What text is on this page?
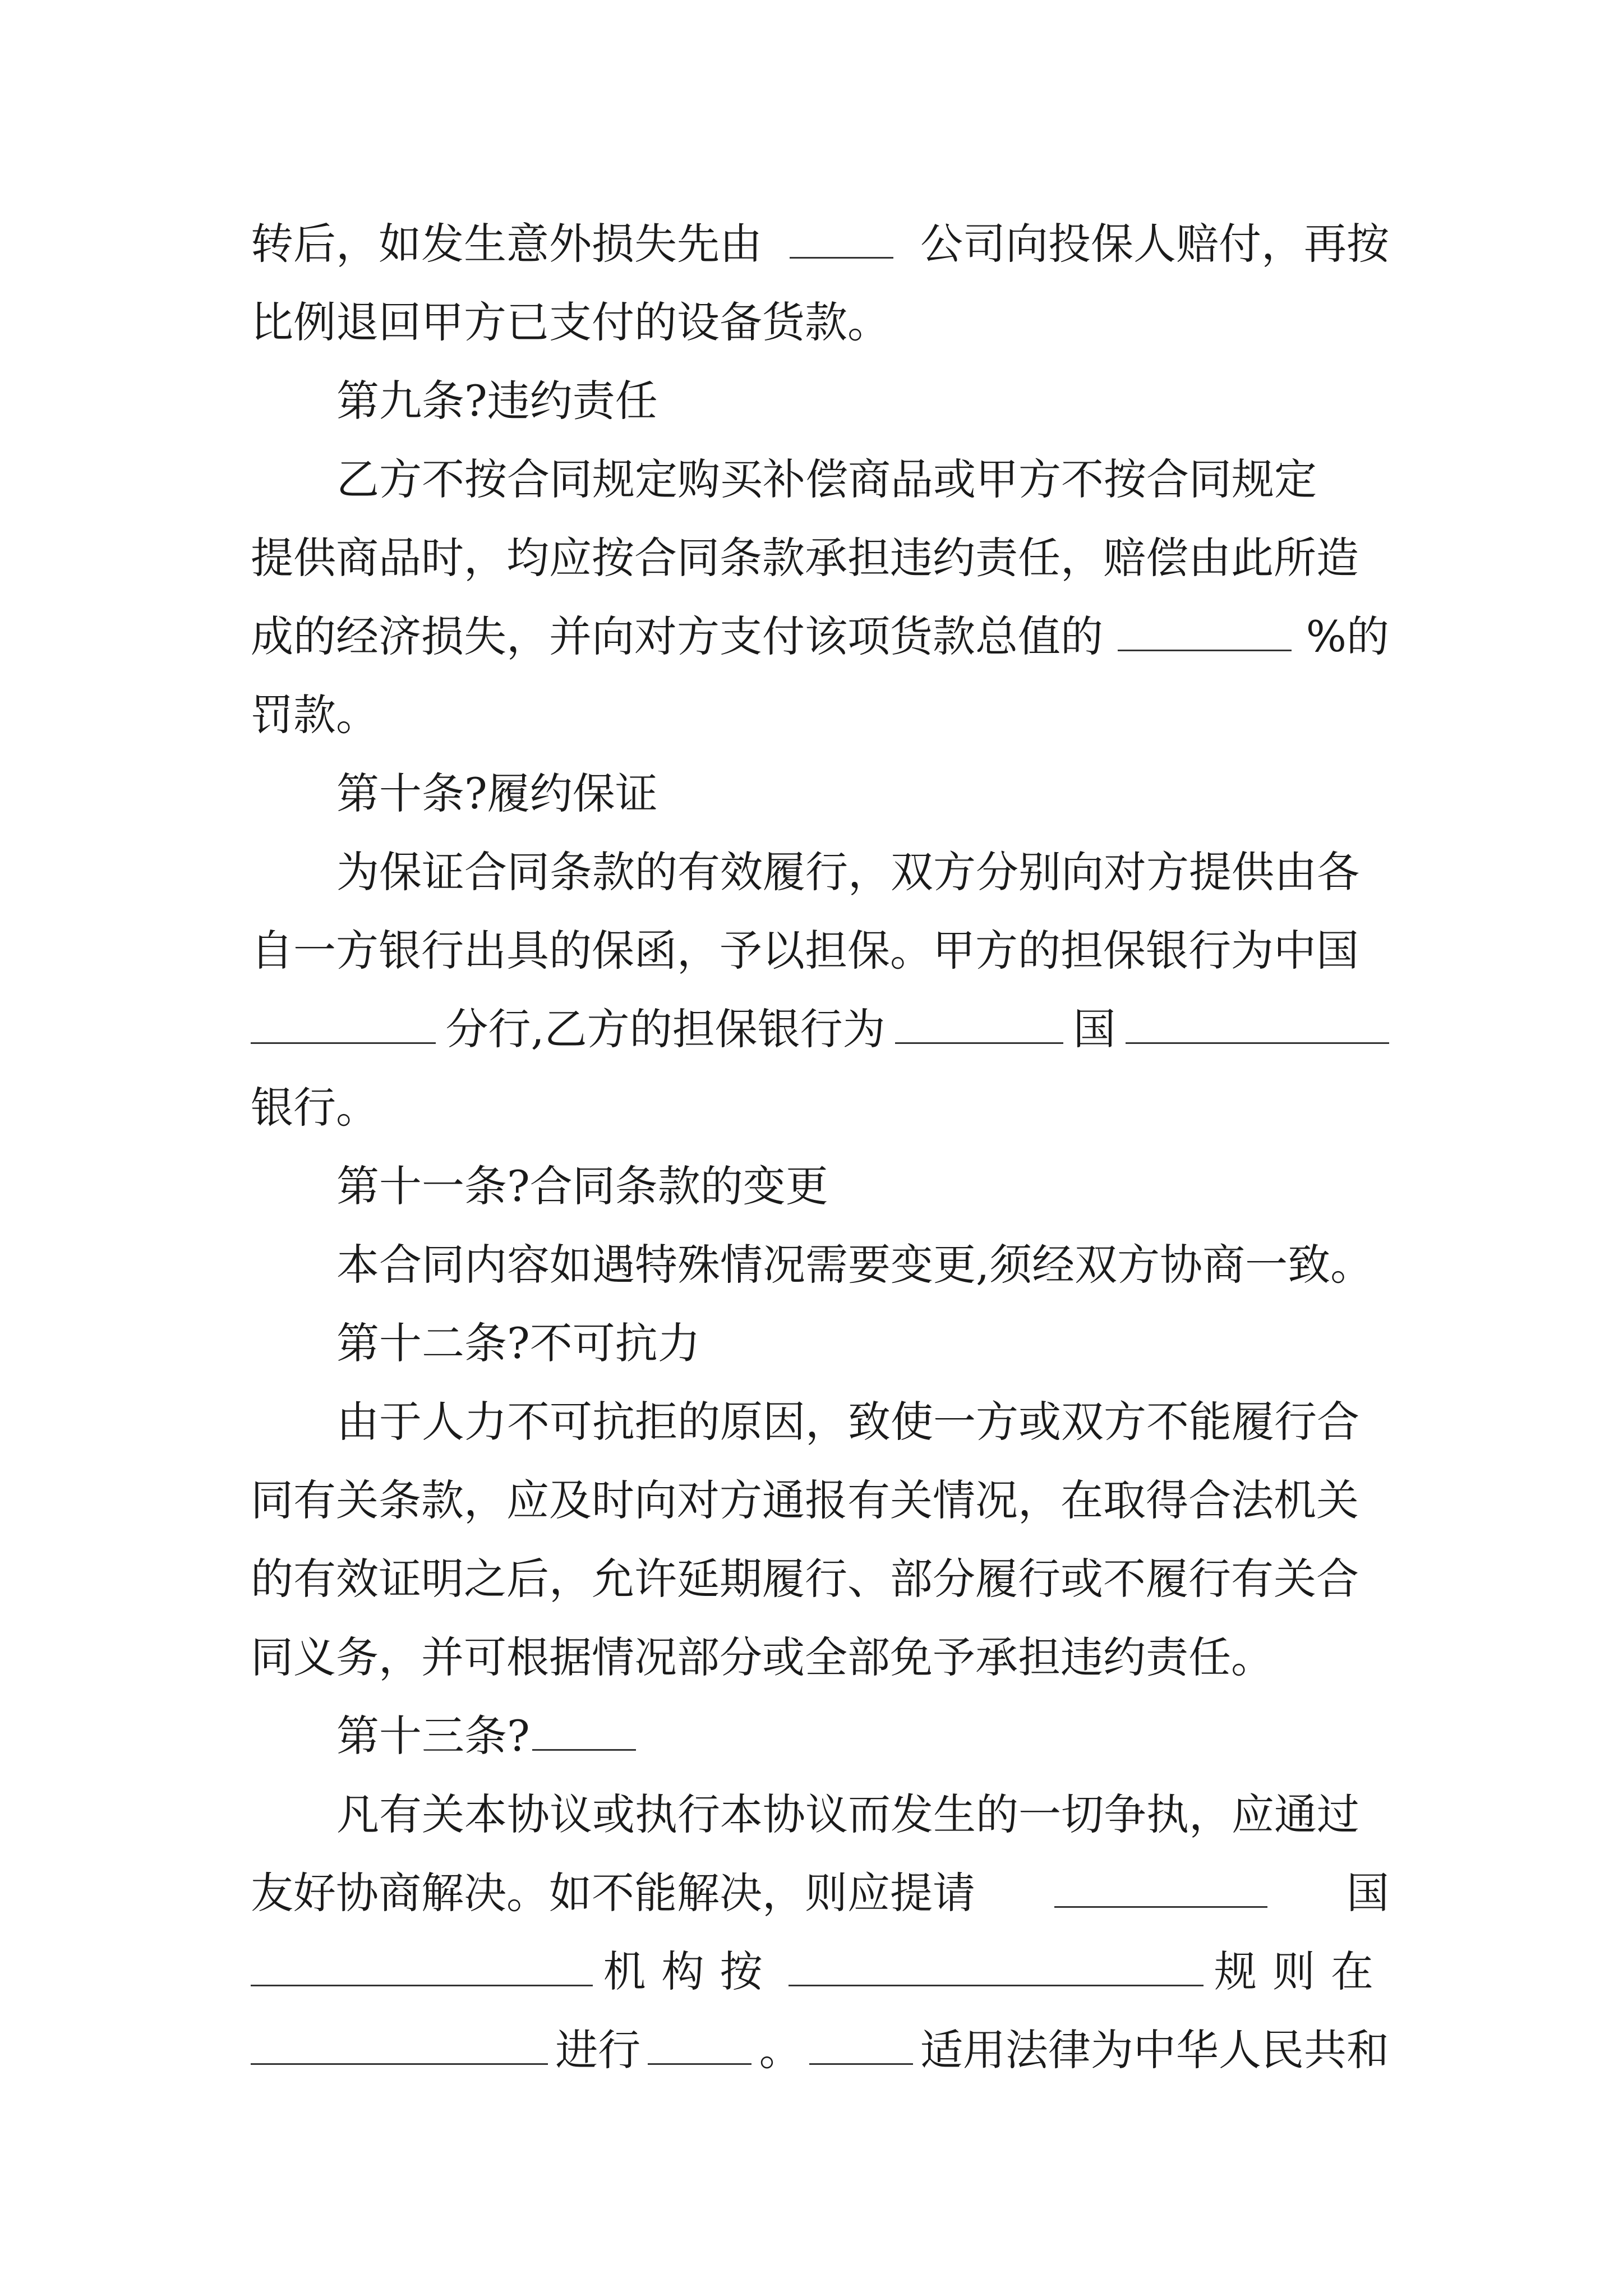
转后，如发生意外损失先由	公司向投保人赔付，再按
比例退回甲方已支付的设备货款。
第九条?违约责任
乙方不按合同规定购买补偿商品或甲方不按合同规定
提供商品时，均应按合同条款承担违约责任，赔偿由此所造
成的经济损失，并向对方支付该项货款总值的	%的
罚款。
第十条?履约保证
为保证合同条款的有效履行，双方分别向对方提供由各
自一方银行出具的保函，予以担保。甲方的担保银行为中国
分行,乙方的担保银行为	国
银行。
第十一条?合同条款的变更
本合同内容如遇特殊情况需要变更,须经双方协商一致。
第十二条?不可抗力
由于人力不可抗拒的原因，致使一方或双方不能履行合
同有关条款，应及时向对方通报有关情况，在取得合法机关
的有效证明之后，允许延期履行、部分履行或不履行有关合
同义务，并可根据情况部分或全部免予承担违约责任。
第十三条?
凡有关本协议或执行本协议而发生的一切争执，应通过
友好协商解决。如不能解决，则应提请	国
机构按	规则在
进行	。	适用法律为中华人民共和
